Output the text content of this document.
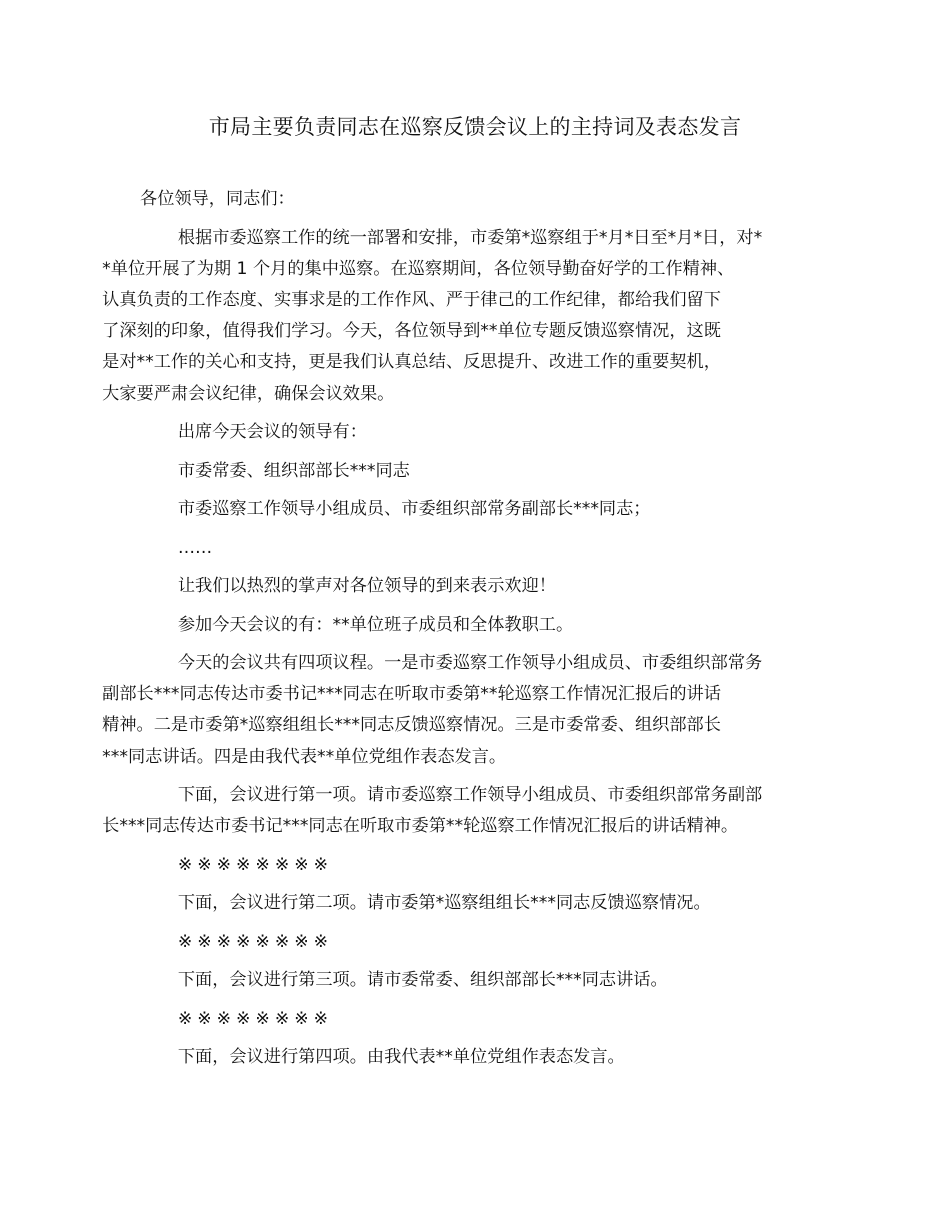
市局主要负责同志在巡察反馈会议上的主持词及表态发言

各位领导，同志们：

根据市委巡察工作的统一部署和安排，市委第*巡察组于*月*日至*月*日，对*
*单位开展了为期 1 个月的集中巡察。在巡察期间，各位领导勤奋好学的工作精神、
认真负责的工作态度、实事求是的工作作风、严于律己的工作纪律，都给我们留下
了深刻的印象，值得我们学习。今天，各位领导到**单位专题反馈巡察情况，这既
是对**工作的关心和支持，更是我们认真总结、反思提升、改进工作的重要契机，
大家要严肃会议纪律，确保会议效果。

出席今天会议的领导有：

市委常委、组织部部长***同志

市委巡察工作领导小组成员、市委组织部常务副部长***同志；

……

让我们以热烈的掌声对各位领导的到来表示欢迎！

参加今天会议的有：**单位班子成员和全体教职工。

今天的会议共有四项议程。一是市委巡察工作领导小组成员、市委组织部常务
副部长***同志传达市委书记***同志在听取市委第**轮巡察工作情况汇报后的讲话
精神。二是市委第*巡察组组长***同志反馈巡察情况。三是市委常委、组织部部长
***同志讲话。四是由我代表**单位党组作表态发言。

下面，会议进行第一项。请市委巡察工作领导小组成员、市委组织部常务副部
长***同志传达市委书记***同志在听取市委第**轮巡察工作情况汇报后的讲话精神。

※※※※※※※※

下面，会议进行第二项。请市委第*巡察组组长***同志反馈巡察情况。

※※※※※※※※

下面，会议进行第三项。请市委常委、组织部部长***同志讲话。

※※※※※※※※

下面，会议进行第四项。由我代表**单位党组作表态发言。
